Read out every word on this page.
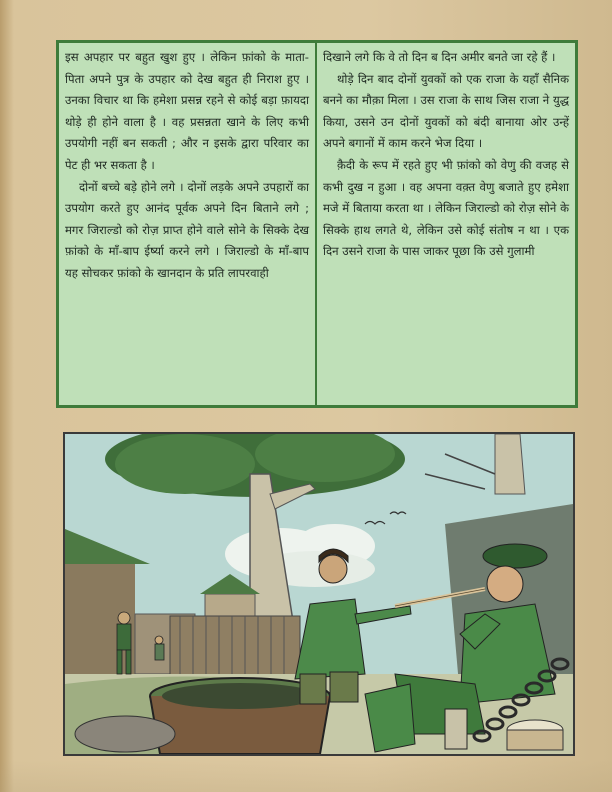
इस अपहार पर बहुत खुश हुए । लेकिन फ़ांको के माता-पिता अपने पुत्र के उपहार को देख बहुत ही निराश हुए । उनका विचार था कि हमेशा प्रसन्न रहने से कोई बड़ा फ़ायदा थोड़े ही होने वाला है । वह प्रसन्नता खाने के लिए कभी उपयोगी नहीं बन सकती ; और न इसके द्वारा परिवार का पेट ही भर सकता है ।

दोनों बच्चे बड़े होने लगे । दोनों लड़के अपने उपहारों का उपयोग करते हुए आनंद पूर्वक अपने दिन बिताने लगे ; मगर जिराल्डो को रोज़ प्राप्त होने वाले सोने के सिक्के देख फ़ांको के माँ-बाप ईर्ष्या करने लगे । जिराल्डो के माँ-बाप यह सोचकर फ़ांको के खानदान के प्रति लापरवाही

दिखाने लगे कि वे तो दिन ब दिन अमीर बनते जा रहे हैं ।

थोड़े दिन बाद दोनों युवकों को एक राजा के यहाँ सैनिक बनने का मौक़ा मिला । उस राजा के साथ जिस राजा ने युद्ध किया, उसने उन दोनों युवकों को बंदी बानाया ओर उन्हें अपने बगानों में काम करने भेज दिया ।

क़ैदी के रूप में रहते हुए भी फ़ांको को वेणु की वजह से कभी दुख न हुआ । वह अपना वक़्त वेणु बजाते हुए हमेशा मजे में बिताया करता था । लेकिन जिराल्डो को रोज़ सोने के सिक्के हाथ लगते थे, लेकिन उसे कोई संतोष न था । एक दिन उसने राजा के पास जाकर पूछा कि उसे गुलामी
